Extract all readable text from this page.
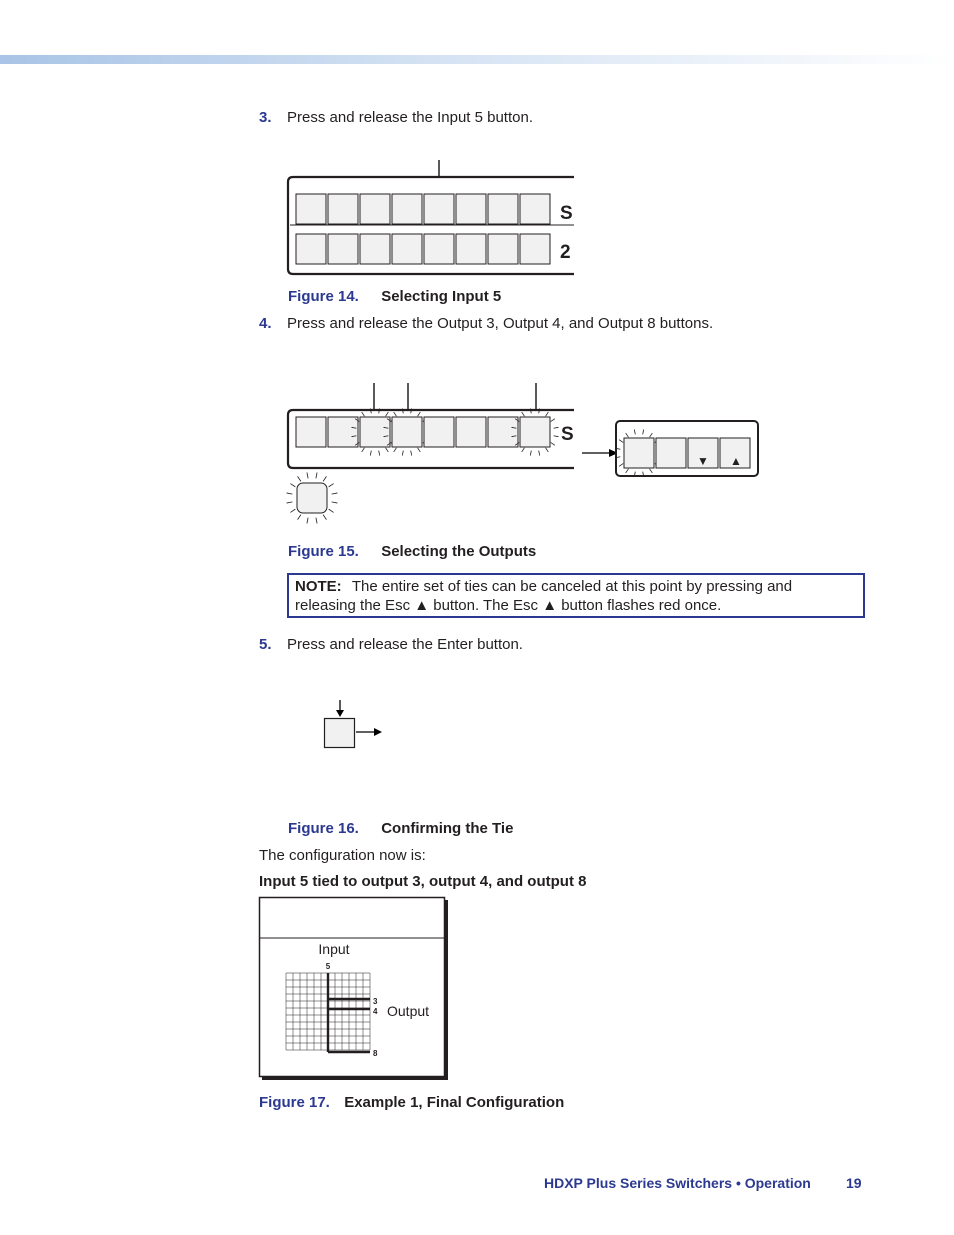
3. Press and release the Input 5 button.
S
2
Figure 14. Selecting Input 5
4. Press and release the Output 3, Output 4, and Output 8 buttons.
S
▼ ▲
Figure 15. Selecting the Outputs
NOTE: The entire set of ties can be canceled at this point by pressing and releasing the Esc ▲ button. The Esc ▲ button flashes red once.
5. Press and release the Enter button.
Figure 16. Confirming the Tie
The configuration now is:
Input 5 tied to output 3, output 4, and output 8
Input
5
3
4
8
Output
Figure 17. Example 1, Final Configuration
HDXP Plus Series Switchers • Operation	19
